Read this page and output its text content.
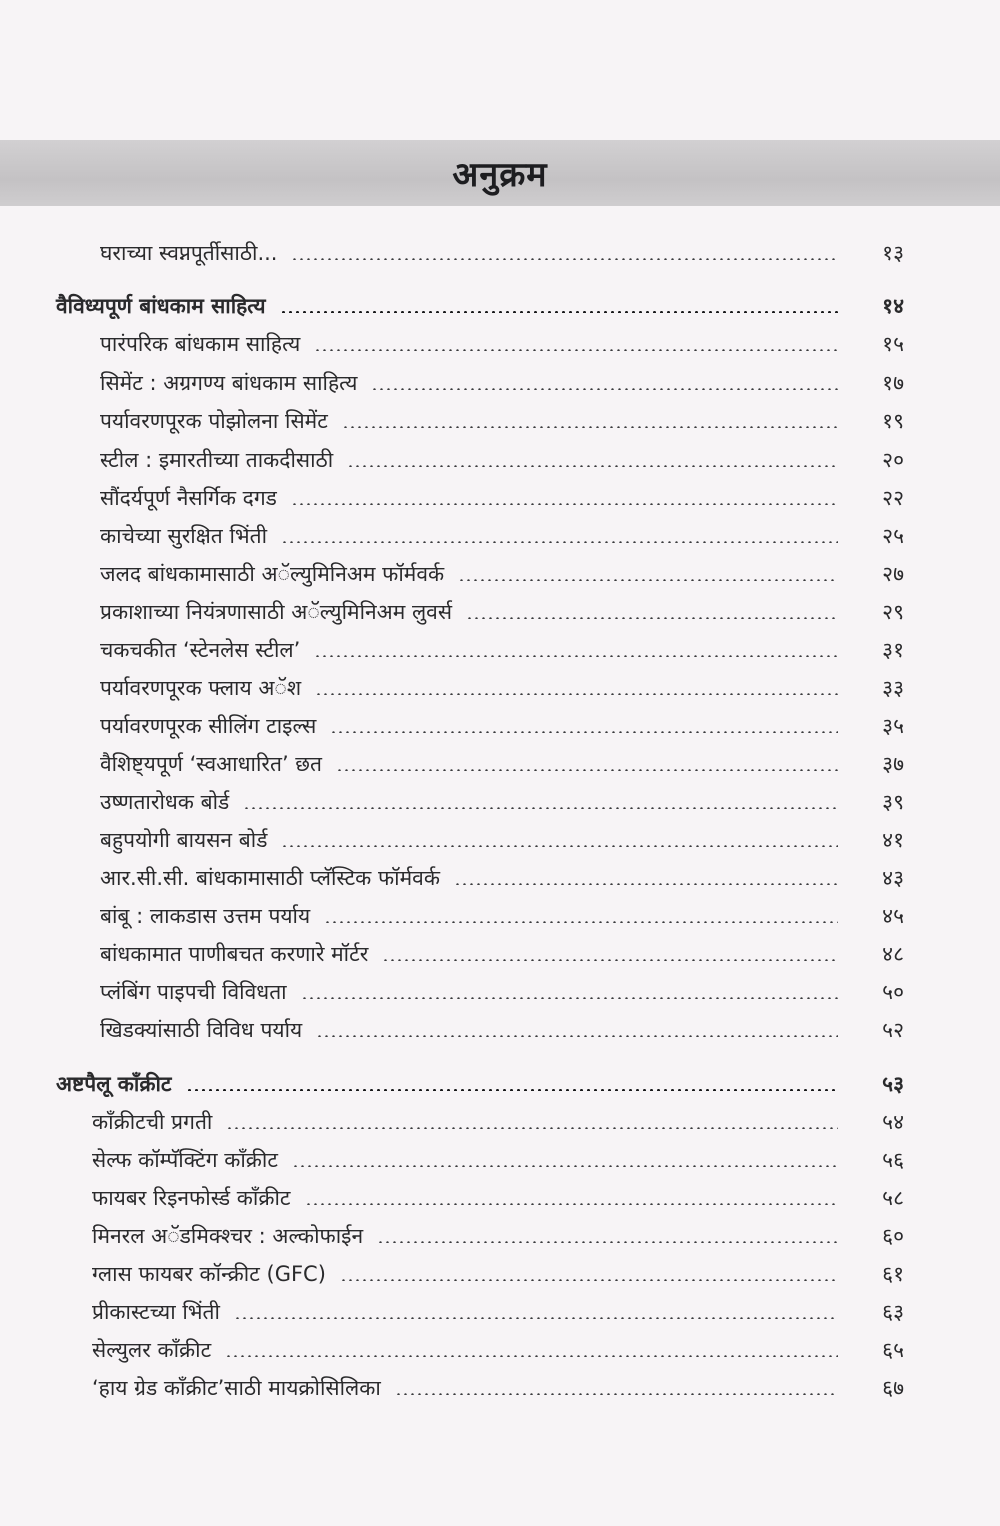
अनुक्रम
घराच्या स्वप्नपूर्तीसाठी...	१३
वैविध्यपूर्ण बांधकाम साहित्य	१४
पारंपरिक बांधकाम साहित्य	१५
सिमेंट : अग्रगण्य बांधकाम साहित्य	१७
पर्यावरणपूरक पोझोलना सिमेंट	१९
स्टील : इमारतीच्या ताकदीसाठी	२०
सौंदर्यपूर्ण नैसर्गिक दगड	२२
काचेच्या सुरक्षित भिंती	२५
जलद बांधकामासाठी अॅल्युमिनिअम फॉर्मवर्क	२७
प्रकाशाच्या नियंत्रणासाठी अॅल्युमिनिअम लुवर्स	२९
चकचकीत ‘स्टेनलेस स्टील’	३१
पर्यावरणपूरक फ्लाय अॅश	३३
पर्यावरणपूरक सीलिंग टाइल्स	३५
वैशिष्ट्यपूर्ण ‘स्वआधारित’ छत	३७
उष्णतारोधक बोर्ड	३९
बहुपयोगी बायसन बोर्ड	४१
आर.सी.सी. बांधकामासाठी प्लॅस्टिक फॉर्मवर्क	४३
बांबू : लाकडास उत्तम पर्याय	४५
बांधकामात पाणीबचत करणारे मॉर्टर	४८
प्लंबिंग पाइपची विविधता	५०
खिडक्यांसाठी विविध पर्याय	५२
अष्टपैलू कॉंक्रीट	५३
कॉंक्रीटची प्रगती	५४
सेल्फ कॉम्पॅक्टिंग कॉंक्रीट	५६
फायबर रिइनफोर्स्ड कॉंक्रीट	५८
मिनरल अॅडमिक्श्चर : अल्कोफाईन	६०
ग्लास फायबर कॉन्क्रीट (GFC)	६१
प्रीकास्टच्या भिंती	६३
सेल्युलर कॉंक्रीट	६५
‘हाय ग्रेड कॉंक्रीट’साठी मायक्रोसिलिका	६७
